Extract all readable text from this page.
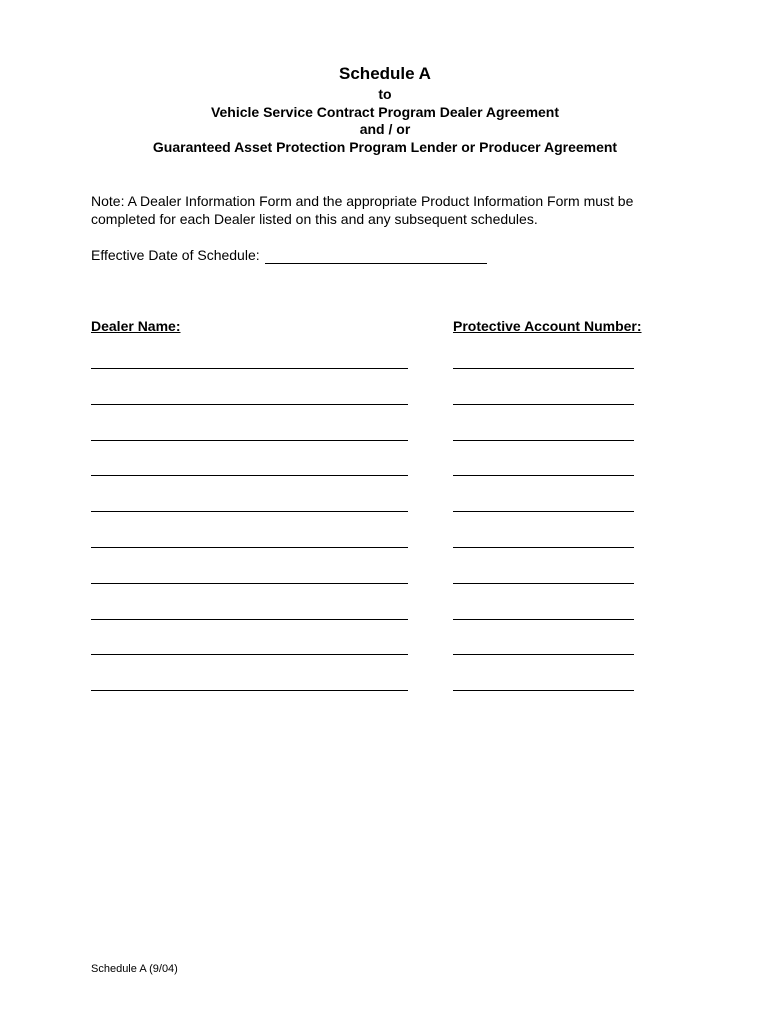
Schedule A
to
Vehicle Service Contract Program Dealer Agreement
and / or
Guaranteed Asset Protection Program Lender or Producer Agreement
Note: A Dealer Information Form and the appropriate Product Information Form must be completed for each Dealer listed on this and any subsequent schedules.
Effective Date of Schedule:
Dealer Name:	Protective Account Number:
Schedule A (9/04)
